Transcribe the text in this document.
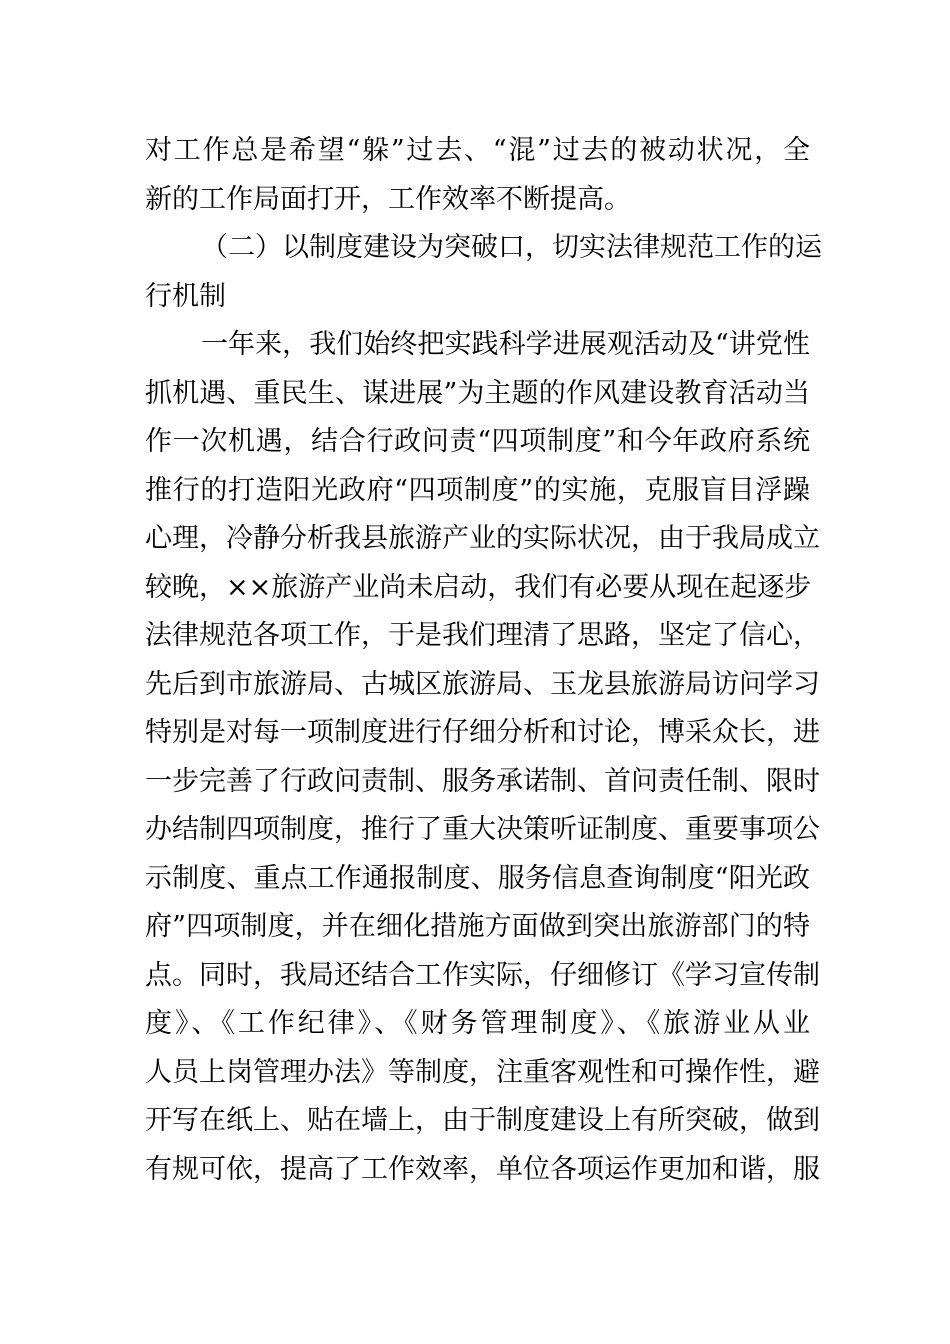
对工作总是希望“躲”过去、“混”过去的被动状况，全
新的工作局面打开，工作效率不断提高。
（二）以制度建设为突破口，切实法律规范工作的运
行机制
一年来，我们始终把实践科学进展观活动及“讲党性
抓机遇、重民生、谋进展”为主题的作风建设教育活动当
作一次机遇，结合行政问责“四项制度”和今年政府系统
推行的打造阳光政府“四项制度”的实施，克服盲目浮躁
心理，冷静分析我县旅游产业的实际状况，由于我局成立
较晚，××旅游产业尚未启动，我们有必要从现在起逐步
法律规范各项工作，于是我们理清了思路，坚定了信心，
先后到市旅游局、古城区旅游局、玉龙县旅游局访问学习
特别是对每一项制度进行仔细分析和讨论，博采众长，进
一步完善了行政问责制、服务承诺制、首问责任制、限时
办结制四项制度，推行了重大决策听证制度、重要事项公
示制度、重点工作通报制度、服务信息查询制度“阳光政
府”四项制度，并在细化措施方面做到突出旅游部门的特
点。同时，我局还结合工作实际，仔细修订《学习宣传制
度》、《工作纪律》、《财务管理制度》、《旅游业从业
人员上岗管理办法》等制度，注重客观性和可操作性，避
开写在纸上、贴在墙上，由于制度建设上有所突破，做到
有规可依，提高了工作效率，单位各项运作更加和谐，服
